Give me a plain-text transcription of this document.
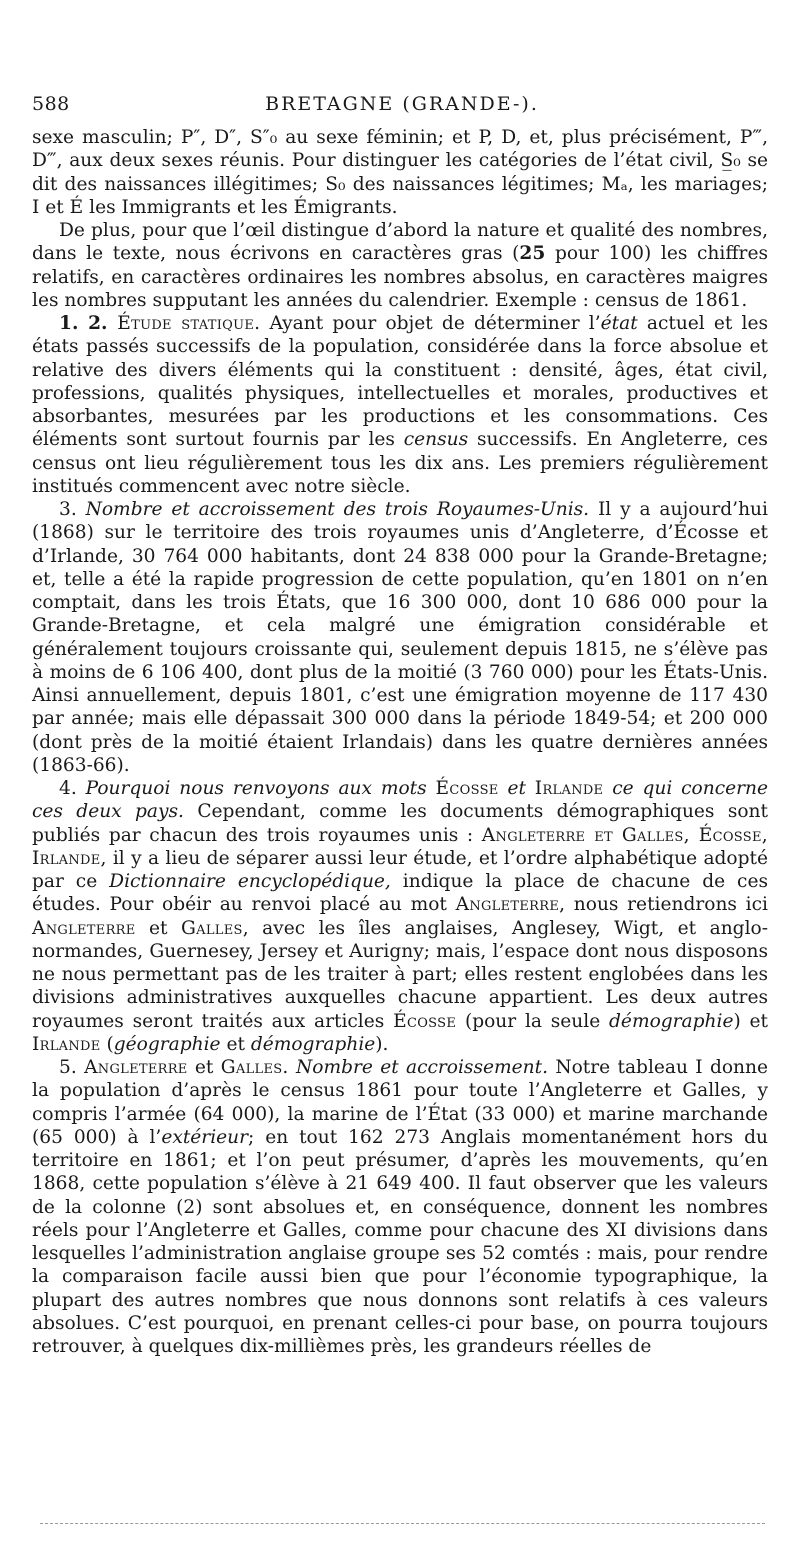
588	BRETAGNE (GRANDE-).

sexe masculin; P″, D″, S″₀ au sexe féminin; et P, D, et, plus précisément, P‴, D‴, aux deux sexes réunis. Pour distinguer les catégories de l’état civil, S̲₀ se dit des naissances illégitimes; S₀ des naissances légitimes; Mₐ, les mariages; I et É les Immigrants et les Émigrants.

De plus, pour que l’œil distingue d’abord la nature et qualité des nombres, dans le texte, nous écrivons en caractères gras (25 pour 100) les chiffres relatifs, en caractères ordinaires les nombres absolus, en caractères maigres les nombres supputant les années du calendrier. Exemple : census de 1861.

1. 2. Étude statique. Ayant pour objet de déterminer l’état actuel et les états passés successifs de la population, considérée dans la force absolue et relative des divers éléments qui la constituent : densité, âges, état civil, professions, qualités physiques, intellectuelles et morales, productives et absorbantes, mesurées par les productions et les consommations. Ces éléments sont surtout fournis par les census successifs. En Angleterre, ces census ont lieu régulièrement tous les dix ans. Les premiers régulièrement institués commencent avec notre siècle.

3. Nombre et accroissement des trois Royaumes-Unis. Il y a aujourd’hui (1868) sur le territoire des trois royaumes unis d’Angleterre, d’Écosse et d’Irlande, 30 764 000 habitants, dont 24 838 000 pour la Grande-Bretagne; et, telle a été la rapide progression de cette population, qu’en 1801 on n’en comptait, dans les trois États, que 16 300 000, dont 10 686 000 pour la Grande-Bretagne, et cela malgré une émigration considérable et généralement toujours croissante qui, seulement depuis 1815, ne s’élève pas à moins de 6 106 400, dont plus de la moitié (3 760 000) pour les États-Unis. Ainsi annuellement, depuis 1801, c’est une émigration moyenne de 117 430 par année; mais elle dépassait 300 000 dans la période 1849-54; et 200 000 (dont près de la moitié étaient Irlandais) dans les quatre dernières années (1863-66).

4. Pourquoi nous renvoyons aux mots Écosse et Irlande ce qui concerne ces deux pays. Cependant, comme les documents démographiques sont publiés par chacun des trois royaumes unis : Angleterre et Galles, Écosse, Irlande, il y a lieu de séparer aussi leur étude, et l’ordre alphabétique adopté par ce Dictionnaire encyclopédique, indique la place de chacune de ces études. Pour obéir au renvoi placé au mot Angleterre, nous retiendrons ici Angleterre et Galles, avec les îles anglaises, Anglesey, Wigt, et anglo-normandes, Guernesey, Jersey et Aurigny; mais, l’espace dont nous disposons ne nous permettant pas de les traiter à part; elles restent englobées dans les divisions administratives auxquelles chacune appartient. Les deux autres royaumes seront traités aux articles Écosse (pour la seule démographie) et Irlande (géographie et démographie).

5. Angleterre et Galles. Nombre et accroissement. Notre tableau I donne la population d’après le census 1861 pour toute l’Angleterre et Galles, y compris l’armée (64 000), la marine de l’État (33 000) et marine marchande (65 000) à l’extérieur; en tout 162 273 Anglais momentanément hors du territoire en 1861; et l’on peut présumer, d’après les mouvements, qu’en 1868, cette population s’élève à 21 649 400. Il faut observer que les valeurs de la colonne (2) sont absolues et, en conséquence, donnent les nombres réels pour l’Angleterre et Galles, comme pour chacune des XI divisions dans lesquelles l’administration anglaise groupe ses 52 comtés : mais, pour rendre la comparaison facile aussi bien que pour l’économie typographique, la plupart des autres nombres que nous donnons sont relatifs à ces valeurs absolues. C’est pourquoi, en prenant celles-ci pour base, on pourra toujours retrouver, à quelques dix-millièmes près, les grandeurs réelles de
